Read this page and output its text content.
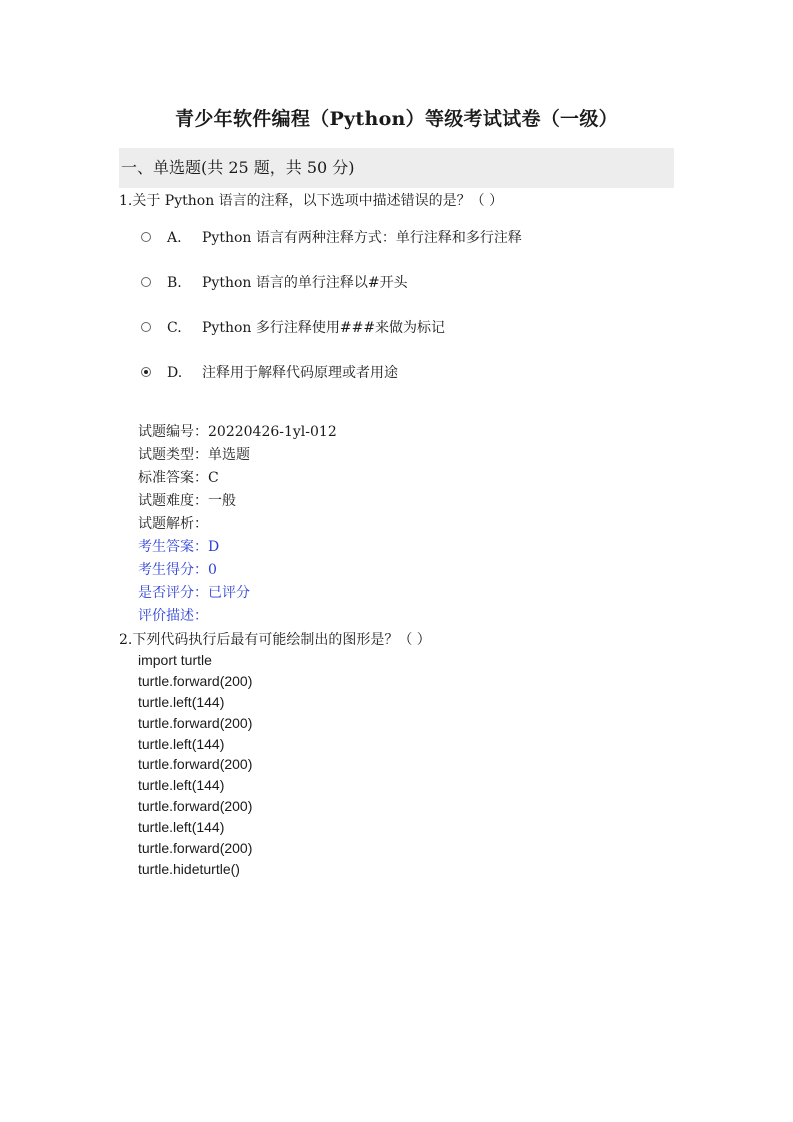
青少年软件编程（Python）等级考试试卷（一级）
一、单选题(共 25 题，共 50 分)
1.关于 Python 语言的注释，以下选项中描述错误的是？（ ）
A. Python 语言有两种注释方式：单行注释和多行注释
B. Python 语言的单行注释以#开头
C. Python 多行注释使用###来做为标记
D. 注释用于解释代码原理或者用途
试题编号：20220426-1yl-012
试题类型：单选题
标准答案：C
试题难度：一般
试题解析：
考生答案：D
考生得分：0
是否评分：已评分
评价描述：
2.下列代码执行后最有可能绘制出的图形是？（ ）
import turtle
turtle.forward(200)
turtle.left(144)
turtle.forward(200)
turtle.left(144)
turtle.forward(200)
turtle.left(144)
turtle.forward(200)
turtle.left(144)
turtle.forward(200)
turtle.hideturtle()
